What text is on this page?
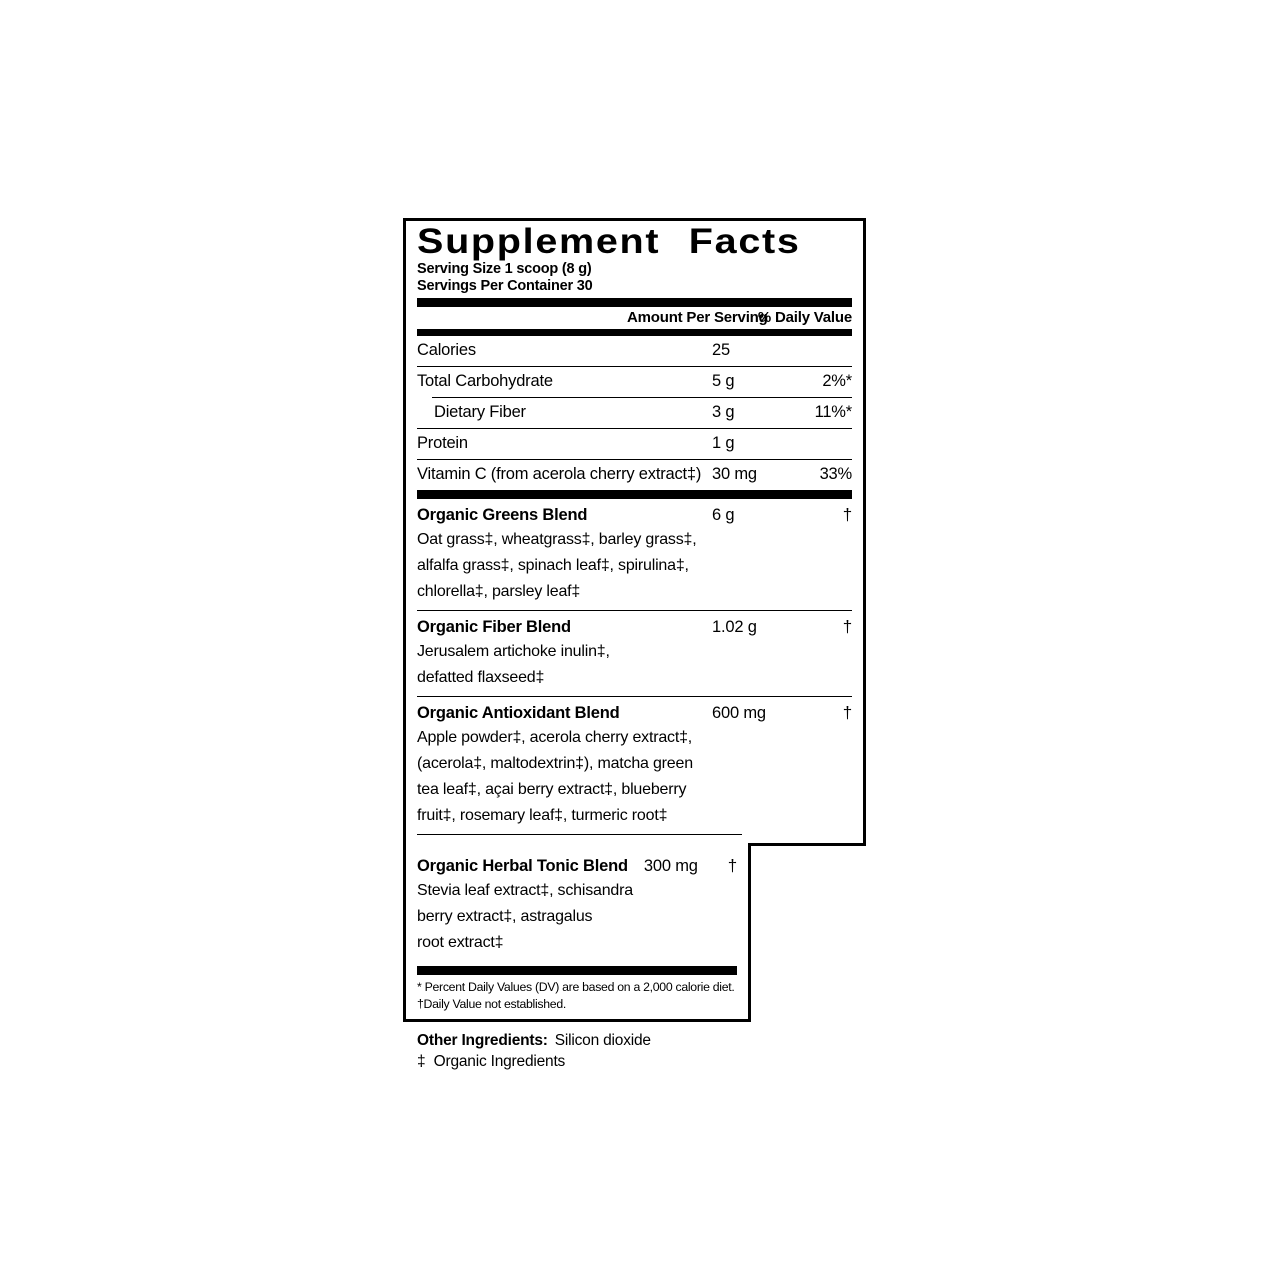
Supplement Facts
Serving Size 1 scoop (8 g)
Servings Per Container 30
Amount Per Serving
% Daily Value
Calories	25
Total Carbohydrate	5 g	2%*
Dietary Fiber	3 g	11%*
Protein	1 g
Vitamin C (from acerola cherry extract‡) 30 mg	33%
Organic Greens Blend	6 g	†
Oat grass‡, wheatgrass‡, barley grass‡,
alfalfa grass‡, spinach leaf‡, spirulina‡,
chlorella‡, parsley leaf‡
Organic Fiber Blend	1.02 g	†
Jerusalem artichoke inulin‡,
defatted flaxseed‡
Organic Antioxidant Blend	600 mg	†
Apple powder‡, acerola cherry extract‡,
(acerola‡, maltodextrin‡), matcha green
tea leaf‡, açai berry extract‡, blueberry
fruit‡, rosemary leaf‡, turmeric root‡
Organic Herbal Tonic Blend 300 mg †
Stevia leaf extract‡, schisandra
berry extract‡, astragalus
root extract‡
* Percent Daily Values (DV) are based on a 2,000 calorie diet.
†Daily Value not established.
Other Ingredients: Silicon dioxide
‡  Organic Ingredients
